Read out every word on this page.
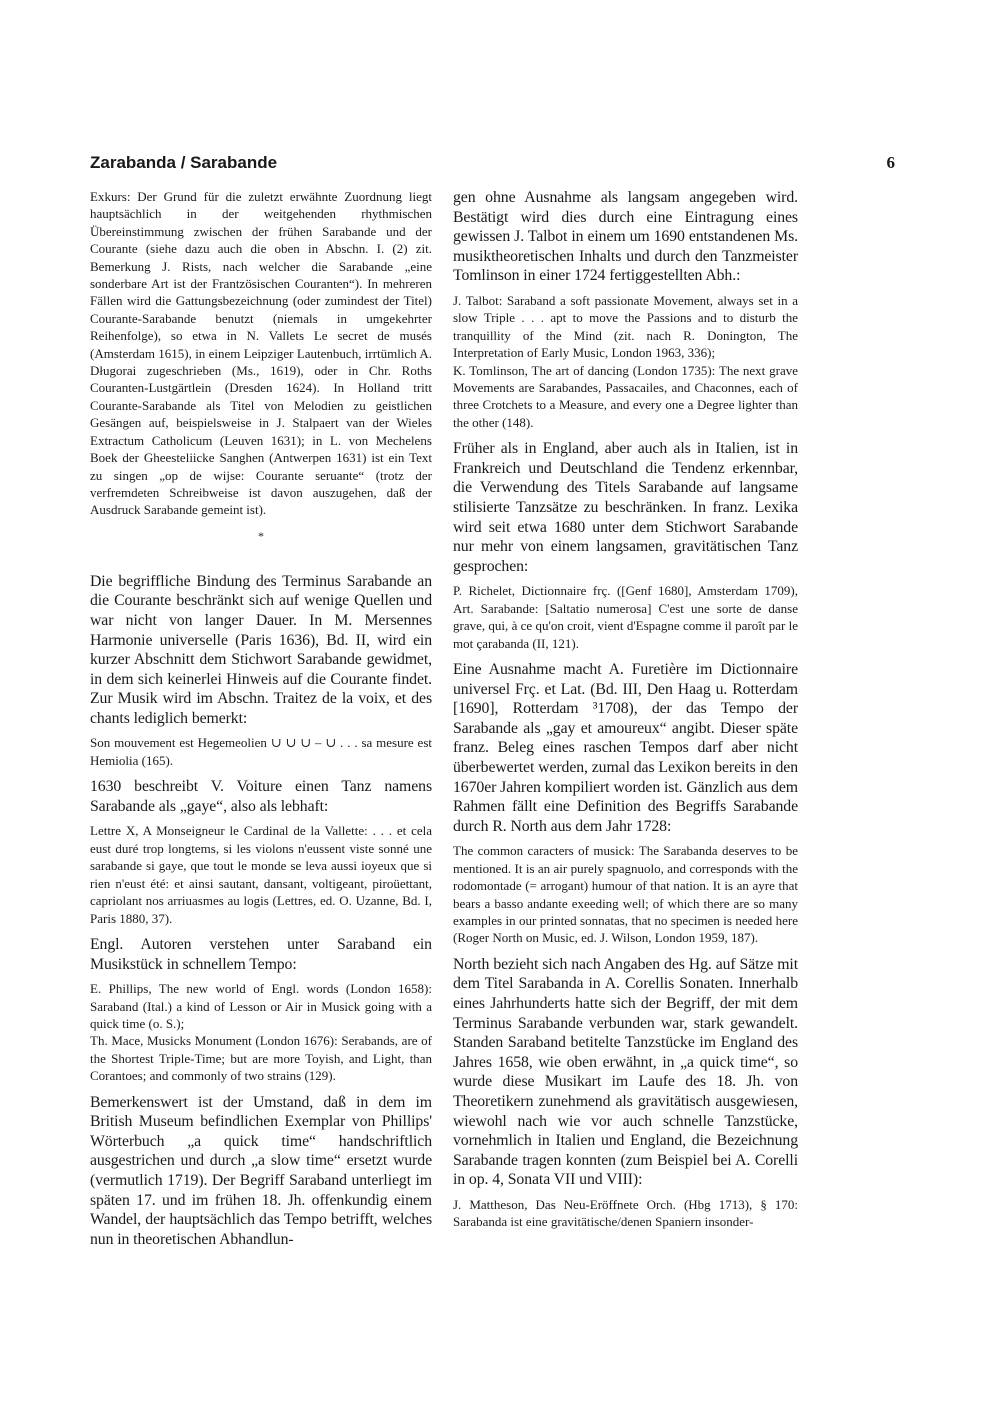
Zarabanda / Sarabande	6

Exkurs: Der Grund für die zuletzt erwähnte Zuordnung liegt hauptsächlich in der weitgehenden rhythmischen Übereinstimmung zwischen der frühen Sarabande und der Courante (siehe dazu auch die oben in Abschn. I. (2) zit. Bemerkung J. Rists, nach welcher die Sarabande „eine sonderbare Art ist der Frantzösischen Couranten“). In mehreren Fällen wird die Gattungsbezeichnung (oder zumindest der Titel) Courante-Sarabande benutzt (niemals in umgekehrter Reihenfolge), so etwa in N. Vallets Le secret de musés (Amsterdam 1615), in einem Leipziger Lautenbuch, irrtümlich A. Długorai zugeschrieben (Ms., 1619), oder in Chr. Roths Couranten-Lustgärtlein (Dresden 1624). In Holland tritt Courante-Sarabande als Titel von Melodien zu geistlichen Gesängen auf, beispielsweise in J. Stalpaert van der Wieles Extractum Catholicum (Leuven 1631); in L. von Mechelens Boek der Gheesteliicke Sanghen (Antwerpen 1631) ist ein Text zu singen „op de wijse: Courante seruante“ (trotz der verfremdeten Schreibweise ist davon auszugehen, daß der Ausdruck Sarabande gemeint ist).

*

Die begriffliche Bindung des Terminus Sarabande an die Courante beschränkt sich auf wenige Quellen und war nicht von langer Dauer. In M. Mersennes Harmonie universelle (Paris 1636), Bd. II, wird ein kurzer Abschnitt dem Stichwort Sarabande gewidmet, in dem sich keinerlei Hinweis auf die Courante findet. Zur Musik wird im Abschn. Traitez de la voix, et des chants lediglich bemerkt:

Son mouvement est Hegemeolien ∪ ∪ ∪ – ∪ . . . sa mesure est Hemiolia (165).

1630 beschreibt V. Voiture einen Tanz namens Sarabande als „gaye“, also als lebhaft:

Lettre X, A Monseigneur le Cardinal de la Vallette: . . . et cela eust duré trop longtems, si les violons n'eussent viste sonné une sarabande si gaye, que tout le monde se leva aussi ioyeux que si rien n'eust été: et ainsi sautant, dansant, voltigeant, piroüettant, capriolant nos arriuasmes au logis (Lettres, ed. O. Uzanne, Bd. I, Paris 1880, 37).

Engl. Autoren verstehen unter Saraband ein Musikstück in schnellem Tempo:

E. Phillips, The new world of Engl. words (London 1658): Saraband (Ital.) a kind of Lesson or Air in Musick going with a quick time (o. S.);

Th. Mace, Musicks Monument (London 1676): Serabands, are of the Shortest Triple-Time; but are more Toyish, and Light, than Corantoes; and commonly of two strains (129).

Bemerkenswert ist der Umstand, daß in dem im British Museum befindlichen Exemplar von Phillips' Wörterbuch „a quick time“ handschriftlich ausgestrichen und durch „a slow time“ ersetzt wurde (vermutlich 1719). Der Begriff Saraband unterliegt im späten 17. und im frühen 18. Jh. offenkundig einem Wandel, der hauptsächlich das Tempo betrifft, welches nun in theoretischen Abhandlun-

gen ohne Ausnahme als langsam angegeben wird. Bestätigt wird dies durch eine Eintragung eines gewissen J. Talbot in einem um 1690 entstandenen Ms. musiktheoretischen Inhalts und durch den Tanzmeister Tomlinson in einer 1724 fertiggestellten Abh.:

J. Talbot: Saraband a soft passionate Movement, always set in a slow Triple . . . apt to move the Passions and to disturb the tranquillity of the Mind (zit. nach R. Donington, The Interpretation of Early Music, London 1963, 336);

K. Tomlinson, The art of dancing (London 1735): The next grave Movements are Sarabandes, Passacailes, and Chaconnes, each of three Crotchets to a Measure, and every one a Degree lighter than the other (148).

Früher als in England, aber auch als in Italien, ist in Frankreich und Deutschland die Tendenz erkennbar, die Verwendung des Titels Sarabande auf langsame stilisierte Tanzsätze zu beschränken. In franz. Lexika wird seit etwa 1680 unter dem Stichwort Sarabande nur mehr von einem langsamen, gravitätischen Tanz gesprochen:

P. Richelet, Dictionnaire frç. ([Genf 1680], Amsterdam 1709), Art. Sarabande: [Saltatio numerosa] C'est une sorte de danse grave, qui, à ce qu'on croit, vient d'Espagne comme il paroît par le mot çarabanda (II, 121).

Eine Ausnahme macht A. Furetière im Dictionnaire universel Frç. et Lat. (Bd. III, Den Haag u. Rotterdam [1690], Rotterdam ³1708), der das Tempo der Sarabande als „gay et amoureux“ angibt. Dieser späte franz. Beleg eines raschen Tempos darf aber nicht überbewertet werden, zumal das Lexikon bereits in den 1670er Jahren kompiliert worden ist. Gänzlich aus dem Rahmen fällt eine Definition des Begriffs Sarabande durch R. North aus dem Jahr 1728:

The common caracters of musick: The Sarabanda deserves to be mentioned. It is an air purely spagnuolo, and corresponds with the rodomontade (= arrogant) humour of that nation. It is an ayre that bears a basso andante exeeding well; of which there are so many examples in our printed sonnatas, that no specimen is needed here (Roger North on Music, ed. J. Wilson, London 1959, 187).

North bezieht sich nach Angaben des Hg. auf Sätze mit dem Titel Sarabanda in A. Corellis Sonaten. Innerhalb eines Jahrhunderts hatte sich der Begriff, der mit dem Terminus Sarabande verbunden war, stark gewandelt. Standen Saraband betitelte Tanzstücke im England des Jahres 1658, wie oben erwähnt, in „a quick time“, so wurde diese Musikart im Laufe des 18. Jh. von Theoretikern zunehmend als gravitätisch ausgewiesen, wiewohl nach wie vor auch schnelle Tanzstücke, vornehmlich in Italien und England, die Bezeichnung Sarabande tragen konnten (zum Beispiel bei A. Corelli in op. 4, Sonata VII und VIII):

J. Mattheson, Das Neu-Eröffnete Orch. (Hbg 1713), § 170: Sarabanda ist eine gravitätische/denen Spaniern insonder-
